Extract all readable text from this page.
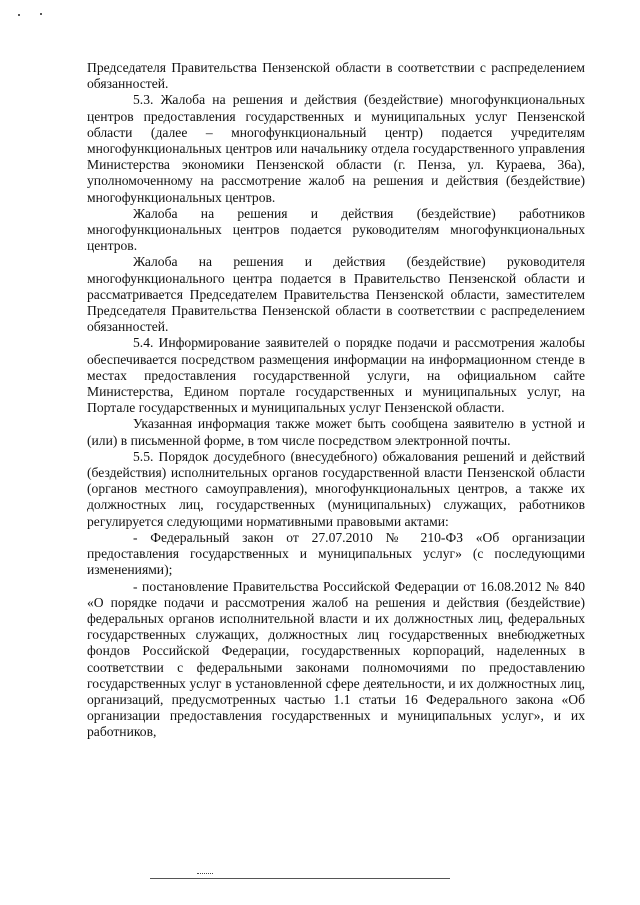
Председателя Правительства Пензенской области в соответствии с распределением обязанностей.

5.3. Жалоба на решения и действия (бездействие) многофункциональных центров предоставления государственных и муниципальных услуг Пензенской области (далее – многофункциональный центр) подается учредителям многофункциональных центров или начальнику отдела государственного управления Министерства экономики Пензенской области (г. Пенза, ул. Кураева, 36а), уполномоченному на рассмотрение жалоб на решения и действия (бездействие) многофункциональных центров.

Жалоба на решения и действия (бездействие) работников многофункциональных центров подается руководителям многофункциональных центров.

Жалоба на решения и действия (бездействие) руководителя многофункционального центра подается в Правительство Пензенской области и рассматривается Председателем Правительства Пензенской области, заместителем Председателя Правительства Пензенской области в соответствии с распределением обязанностей.

5.4. Информирование заявителей о порядке подачи и рассмотрения жалобы обеспечивается посредством размещения информации на информационном стенде в местах предоставления государственной услуги, на официальном сайте Министерства, Едином портале государственных и муниципальных услуг, на Портале государственных и муниципальных услуг Пензенской области.

Указанная информация также может быть сообщена заявителю в устной и (или) в письменной форме, в том числе посредством электронной почты.

5.5. Порядок досудебного (внесудебного) обжалования решений и действий (бездействия) исполнительных органов государственной власти Пензенской области (органов местного самоуправления), многофункциональных центров, а также их должностных лиц, государственных (муниципальных) служащих, работников регулируется следующими нормативными правовыми актами:

- Федеральный закон от 27.07.2010 № 210-ФЗ «Об организации предоставления государственных и муниципальных услуг» (с последующими изменениями);

- постановление Правительства Российской Федерации от 16.08.2012 № 840 «О порядке подачи и рассмотрения жалоб на решения и действия (бездействие) федеральных органов исполнительной власти и их должностных лиц, федеральных государственных служащих, должностных лиц государственных внебюджетных фондов Российской Федерации, государственных корпораций, наделенных в соответствии с федеральными законами полномочиями по предоставлению государственных услуг в установленной сфере деятельности, и их должностных лиц, организаций, предусмотренных частью 1.1 статьи 16 Федерального закона «Об организации предоставления государственных и муниципальных услуг», и их работников,
